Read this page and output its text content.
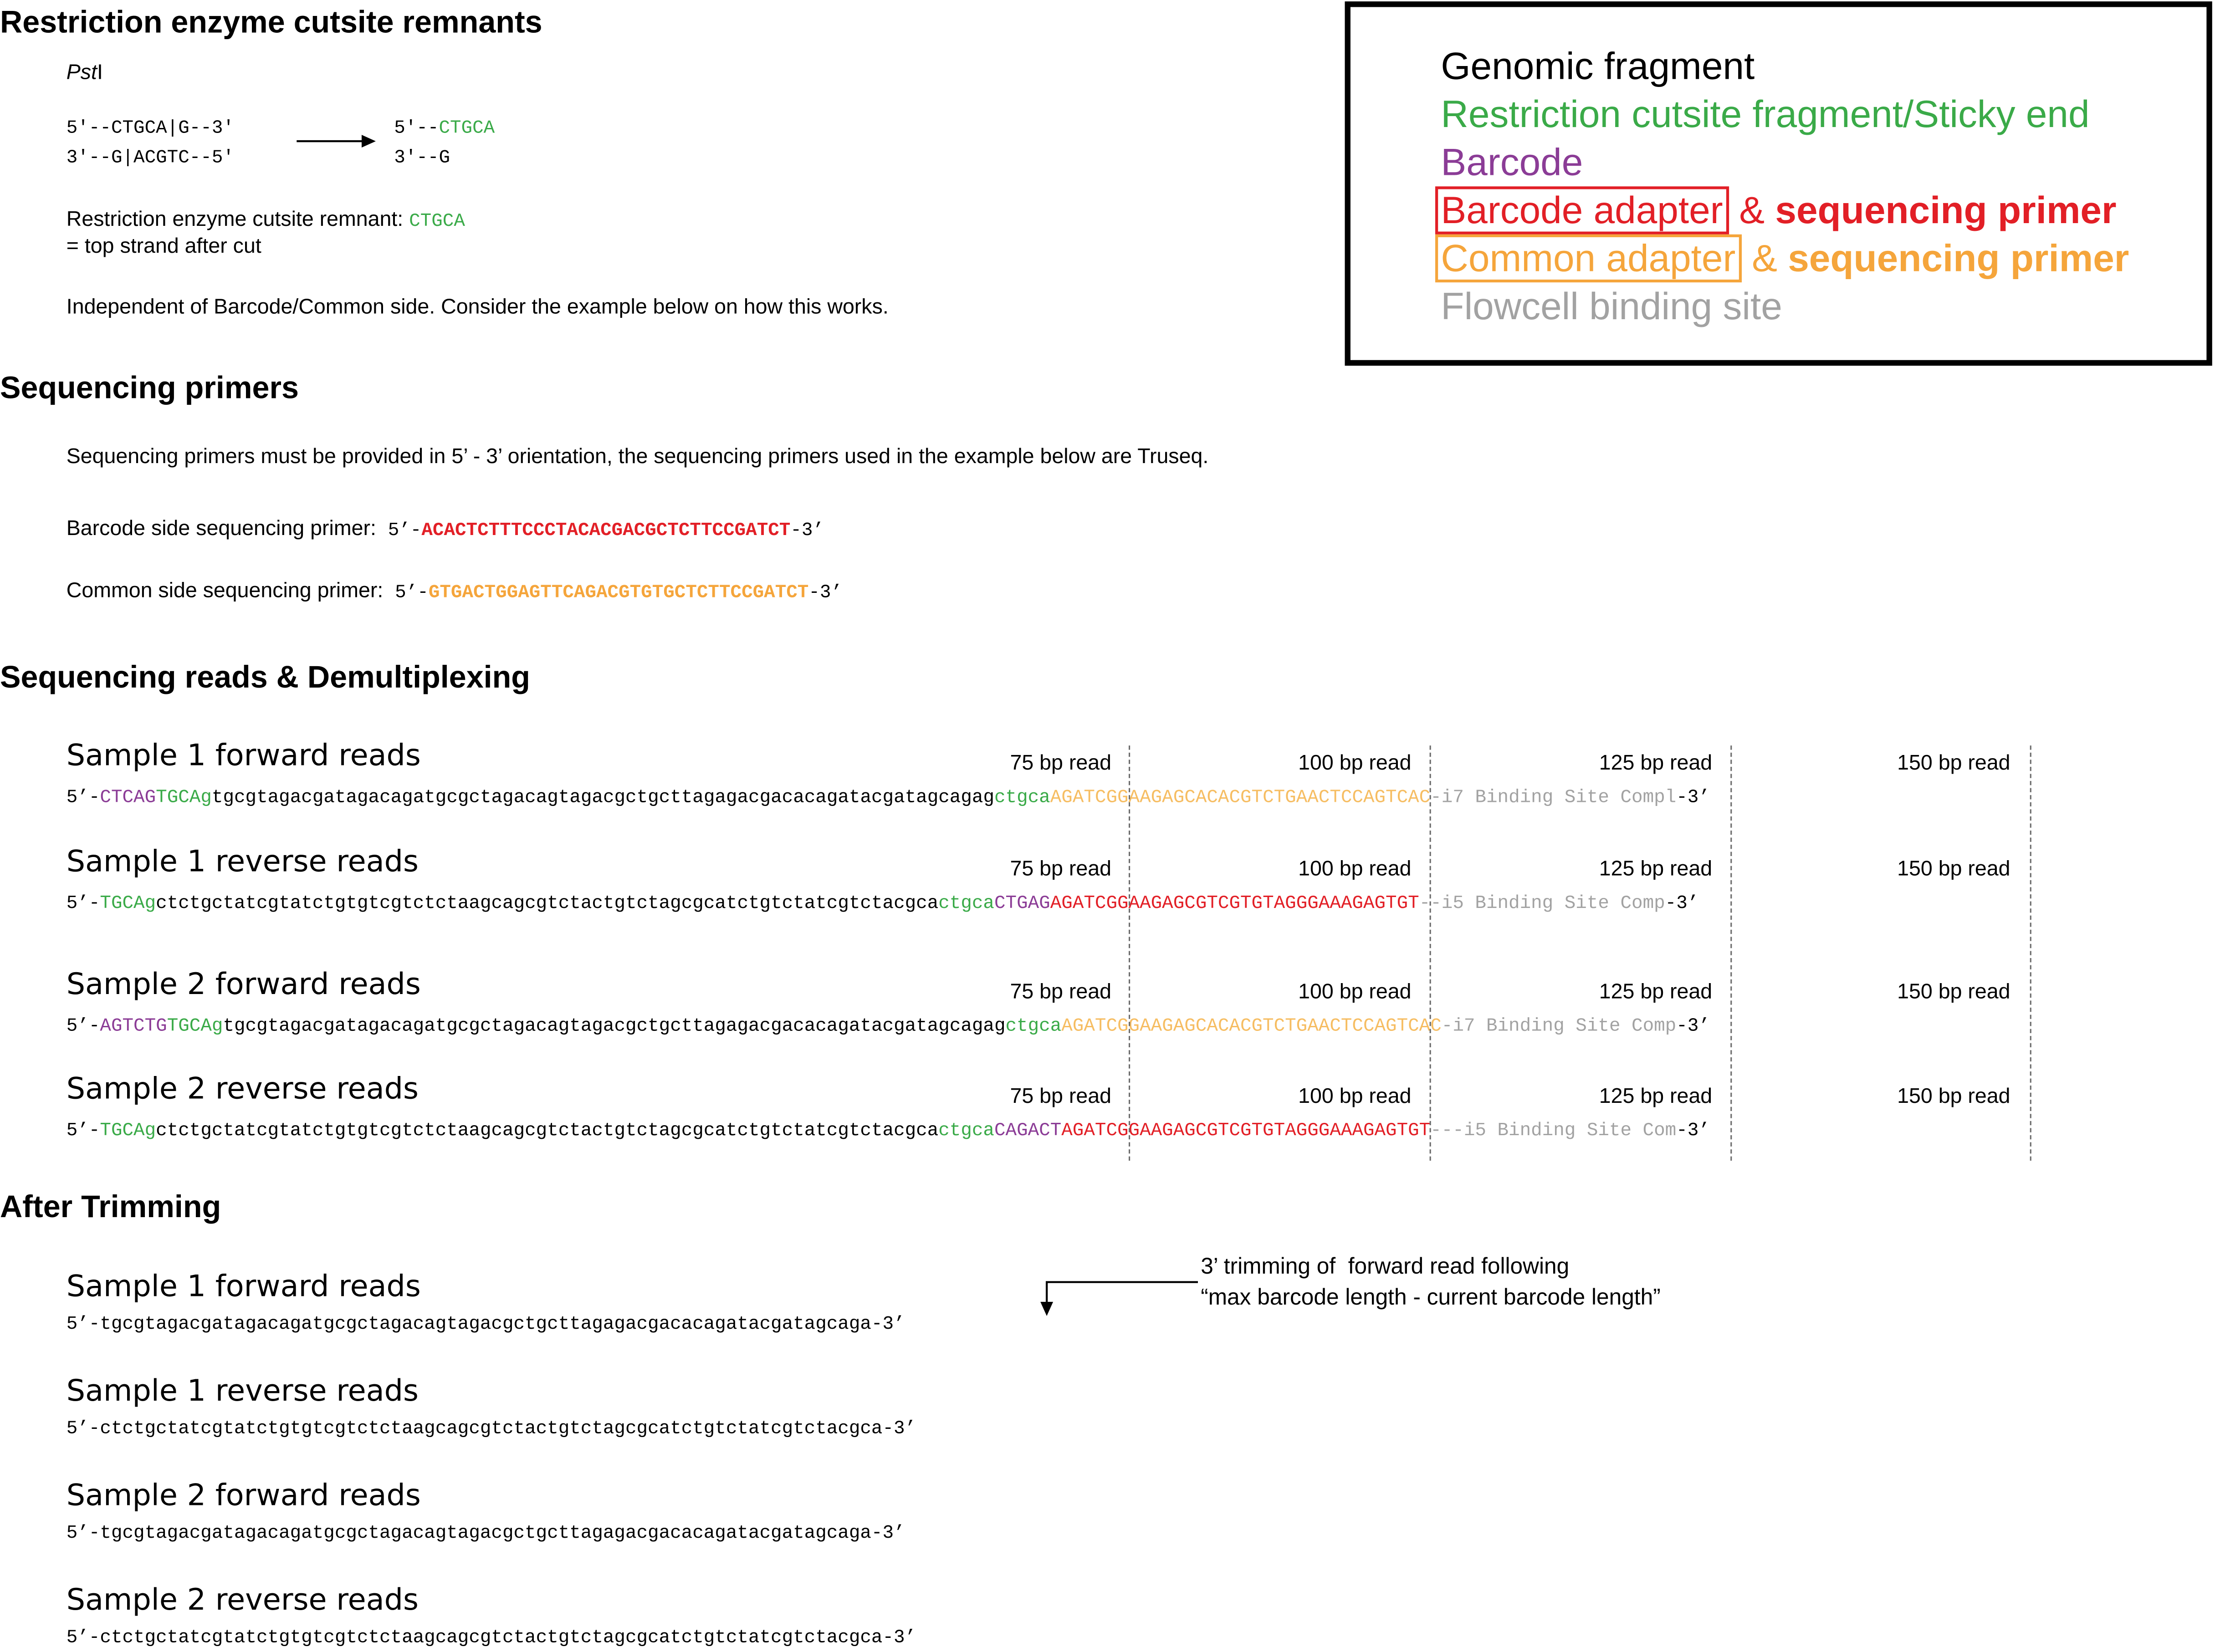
Genomic fragment
Restriction cutsite fragment/Sticky end
Barcode
Barcode adapter & sequencing primer
Common adapter & sequencing primer
Flowcell binding site
Restriction enzyme cutsite remnants
PstI
5'--CTGCA|G--3'
3'--G|ACGTC--5'
5'--CTGCA
3'--G
Restriction enzyme cutsite remnant: CTGCA
= top strand after cut
Independent of Barcode/Common side. Consider the example below on how this works.
Sequencing primers
Sequencing primers must be provided in 5’ - 3’ orientation, the sequencing primers used in the example below are Truseq.
Barcode side sequencing primer:  5’-ACACTCTTTCCCTACACGACGCTCTTCCGATCT-3’
Common side sequencing primer:  5’-GTGACTGGAGTTCAGACGTGTGCTCTTCCGATCT-3’
Sequencing reads & Demultiplexing
Sample 1 forward reads	75 bp read	100 bp read	125 bp read	150 bp read
5’-CTCAGTGCAgtgcgtagacgatagacagatgcgctagacagtagacgctgcttagagacgacacagatacgatagcagagctgcaAGATCGGAAGAGCACACGTCTGAACTCCAGTCAC-i7 Binding Site Compl-3’
Sample 1 reverse reads	75 bp read	100 bp read	125 bp read	150 bp read
5’-TGCAgctctgctatcgtatctgtgtcgtctctaagcagcgtctactgtctagcgcatctgtctatcgtctacgcactgcaCTGAGAGATCGGAAGAGCGTCGTGTAGGGAAAGAGTGT--i5 Binding Site Comp-3’
Sample 2 forward reads	75 bp read	100 bp read	125 bp read	150 bp read
5’-AGTCTGTGCAgtgcgtagacgatagacagatgcgctagacagtagacgctgcttagagacgacacagatacgatagcagagctgcaAGATCGGAAGAGCACACGTCTGAACTCCAGTCAC-i7 Binding Site Comp-3’
Sample 2 reverse reads	75 bp read	100 bp read	125 bp read	150 bp read
5’-TGCAgctctgctatcgtatctgtgtcgtctctaagcagcgtctactgtctagcgcatctgtctatcgtctacgcactgcaCAGACTAGATCGGAAGAGCGTCGTGTAGGGAAAGAGTGT---i5 Binding Site Com-3’
After Trimming
3’ trimming of  forward read following
“max barcode length - current barcode length”
Sample 1 forward reads
5’-tgcgtagacgatagacagatgcgctagacagtagacgctgcttagagacgacacagatacgatagcaga-3’
Sample 1 reverse reads
5’-ctctgctatcgtatctgtgtcgtctctaagcagcgtctactgtctagcgcatctgtctatcgtctacgca-3’
Sample 2 forward reads
5’-tgcgtagacgatagacagatgcgctagacagtagacgctgcttagagacgacacagatacgatagcaga-3’
Sample 2 reverse reads
5’-ctctgctatcgtatctgtgtcgtctctaagcagcgtctactgtctagcgcatctgtctatcgtctacgca-3’
